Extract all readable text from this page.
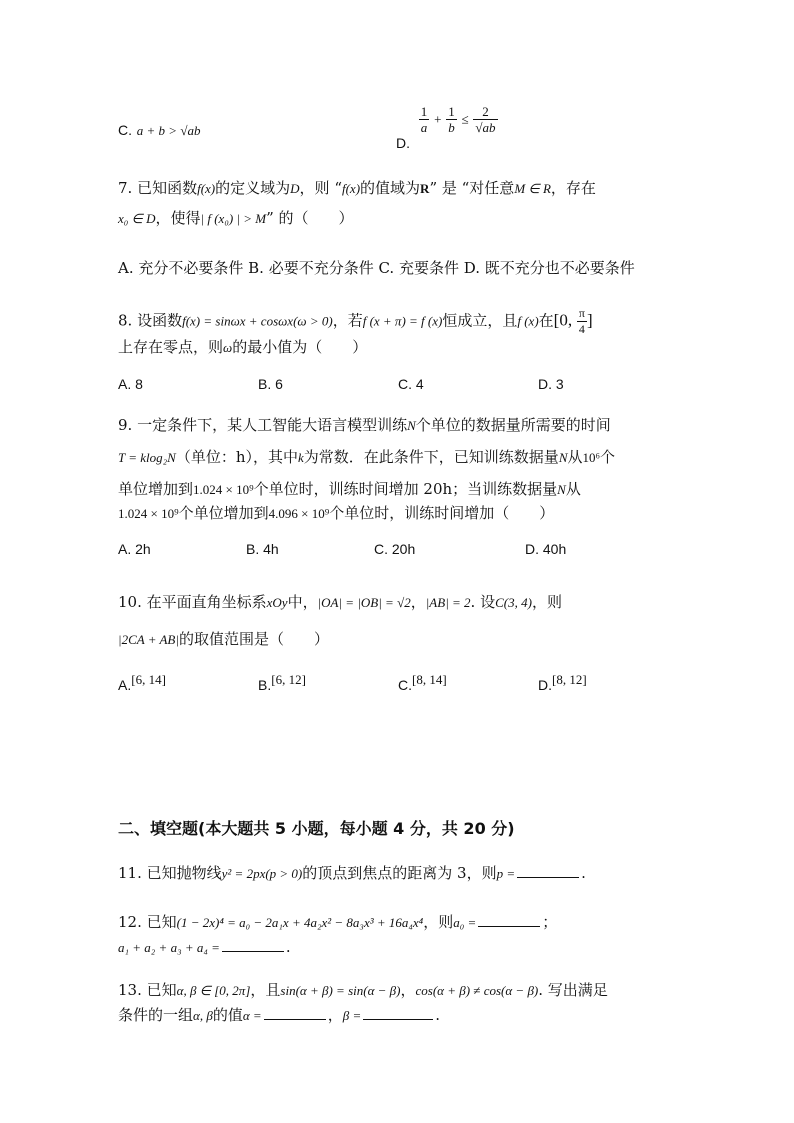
C. a + b > √ab
D.
$\frac{1}{a} + \frac{1}{b} \le \frac{2}{√ab}$
7. 已知函数f(x)的定义域为D，则 “f(x)的值域为R” 是 “对任意M ∈ R，存在
x₀ ∈ D，使得| f (x₀) | > M” 的（　　）
A. 充分不必要条件 B. 必要不充分条件 C. 充要条件 D. 既不充分也不必要条件
8. 设函数f(x) = sinωx + cosωx(ω > 0)，若f (x + π) = f (x)恒成立，且f (x)在[0, $\frac{\pi}{4}$ ]
上存在零点，则ω的最小值为（　　）
A. 8	B. 6	C. 4	D. 3
9. 一定条件下，某人工智能大语言模型训练N个单位的数据量所需要的时间
T = klog₂N（单位：h），其中k为常数．在此条件下，已知训练数据量N从10⁶个
单位增加到1.024 × 10⁹个单位时，训练时间增加 20h；当训练数据量N从
1.024 × 10⁹个单位增加到4.096 × 10⁹个单位时，训练时间增加（　　）
A. 2h	B. 4h	C. 20h	D. 40h
10. 在平面直角坐标系xOy中，|OA| = |OB| = √2，|AB| = 2. 设C(3, 4)，则
|2CA + AB|的取值范围是（　　）
A.[6, 14]	B.[6, 12]	C.[8, 14]	D.[8, 12]
二、填空题(本大题共 5 小题，每小题 4 分，共 20 分)
11. 已知抛物线y² = 2px(p > 0)的顶点到焦点的距离为 3，则p =	.
12. 已知(1 − 2x)⁴ = a₀ − 2a₁x + 4a₂x² − 8a₃x³ + 16a₄x⁴，则a₀ =	；
a₁ + a₂ + a₃ + a₄ =	.
13. 已知α, β ∈ [0, 2π]，且sin(α + β) = sin(α − β)，cos(α + β) ≠ cos(α − β). 写出满足
条件的一组α, β的值α =	，β =	.
